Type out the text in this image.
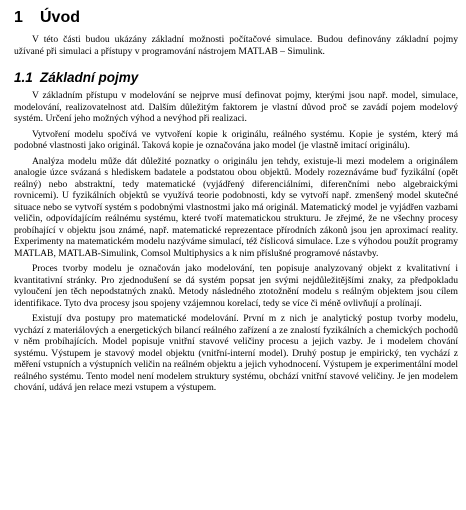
1 Úvod

V této části budou ukázány základní možnosti počítačové simulace. Budou definovány základní pojmy užívané při simulaci a přístupy v programování nástrojem MATLAB – Simulink.

1.1 Základní pojmy

V základním přístupu v modelování se nejprve musí definovat pojmy, kterými jsou např. model, simulace, modelování, realizovatelnost atd. Dalším důležitým faktorem je vlastní důvod proč se zavádí pojem modelový systém. Určení jeho možných výhod a nevýhod při realizaci.

Vytvoření modelu spočívá ve vytvoření kopie k originálu, reálného systému. Kopie je systém, který má podobné vlastnosti jako originál. Taková kopie je označována jako model (je vlastně imitací originálu).

Analýza modelu může dát důležité poznatky o originálu jen tehdy, existuje-li mezi modelem a originálem analogie úzce svázaná s hlediskem badatele a podstatou obou objektů. Modely rozeznáváme buď fyzikální (opět reálný) nebo abstraktní, tedy matematické (vyjádřený diferenciálními, diferenčními nebo algebraickými rovnicemi). U fyzikálních objektů se využívá teorie podobnosti, kdy se vytvoří např. zmenšený model skutečné situace nebo se vytvoří systém s podobnými vlastnostmi jako má originál. Matematický model je vyjádřen vazbami veličin, odpovídajícím reálnému systému, které tvoří matematickou strukturu. Je zřejmé, že ne všechny procesy probíhající v objektu jsou známé, např. matematické reprezentace přírodních zákonů jsou jen aproximací reality. Experimenty na matematickém modelu nazýváme simulací, též číslicová simulace. Lze s výhodou použít programy MATLAB, MATLAB-Simulink, Comsol Multiphysics a k nim příslušné programové nástavby.

Proces tvorby modelu je označován jako modelování, ten popisuje analyzovaný objekt z kvalitativní i kvantitativní stránky. Pro zjednodušení se dá systém popsat jen svými nejdůležitějšími znaky, za předpokladu vyloučení jen těch nepodstatných znaků. Metody následného ztotožnění modelu s reálným objektem jsou cílem identifikace. Tyto dva procesy jsou spojeny vzájemnou korelací, tedy se více či méně ovlivňují a prolínají.

Existují dva postupy pro matematické modelování. První m z nich je analytický postup tvorby modelu, vychází z materiálových a energetických bilancí reálného zařízení a ze znalostí fyzikálních a chemických pochodů v něm probíhajících. Model popisuje vnitřní stavové veličiny procesu a jejich vazby. Je i modelem chování systému. Výstupem je stavový model objektu (vnitřní-interní model). Druhý postup je empirický, ten vychází z měření vstupních a výstupních veličin na reálném objektu a jejich vyhodnocení. Výstupem je experimentální model reálného systému. Tento model není modelem struktury systému, obchází vnitřní stavové veličiny. Je jen modelem chování, udává jen relace mezi vstupem a výstupem.
